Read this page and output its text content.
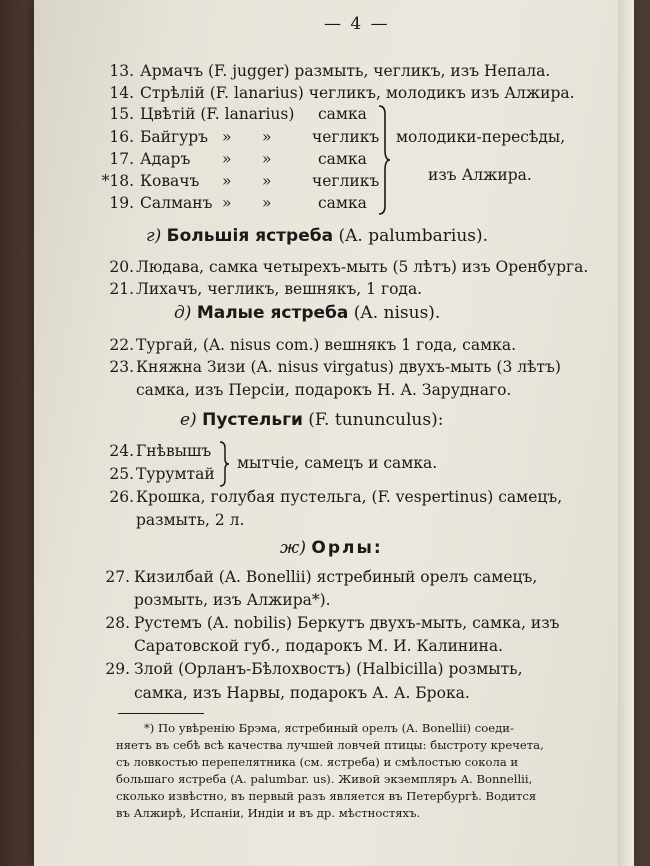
— 4 —
13. Армачъ (F. jugger) размыть, чегликъ, изъ Непала.
14. Стрѣлій (F. lanarius) чегликъ, молодикъ изъ Алжира.
15. Цвѣтій (F. lanarius) самка
16. Байгуръ » »	чегликъ
17. Адаръ » »	самка
*18. Ковачъ » »	чегликъ
19. Салманъ » »	самка
молодики-пересѣды,
изъ Алжира.
г) Большія ястреба (A. palumbarius).
20. Людава, самка четырехъ-мыть (5 лѣтъ) изъ Оренбурга.
21. Лихачъ, чегликъ, вешнякъ, 1 года.
д) Малые ястреба (A. nisus).
22. Тургай, (A. nisus com.) вешнякъ 1 года, самка.
23. Княжна Зизи (A. nisus virgatus) двухъ-мыть (3 лѣтъ)
самка, изъ Персіи, подарокъ Н. А. Заруднаго.
е) Пустельги (F. tununculus):
24. Гнѣвышъ
25. Турумтай
мытчіе, самецъ и самка.
26. Крошка, голубая пустельга, (F. vespertinus) самецъ,
размыть, 2 л.
ж) Орлы:
27. Кизилбай (A. Bonellii) ястребиный орелъ самецъ,
розмыть, изъ Алжира*).
28. Рустемъ (A. nobilis) Беркутъ двухъ-мыть, самка, изъ
Саратовской губ., подарокъ М. И. Калинина.
29. Злой (Орланъ-Бѣлохвостъ) (Halbicilla) розмыть,
самка, изъ Нарвы, подарокъ А. А. Брока.
*) По увѣренію Брэма, ястребиный орелъ (A. Bonellii) соеди-
няетъ въ себѣ всѣ качества лучшей ловчей птицы: быстроту кречета,
съ ловкостью перепелятника (см. ястреба) и смѣлостью сокола и
большаго ястреба (A. palumbar. us). Живой экземпляръ A. Bonnellii,
сколько извѣстно, въ первый разъ является въ Петербургѣ. Водится
въ Алжирѣ, Испаніи, Индіи и въ др. мѣстностяхъ.
